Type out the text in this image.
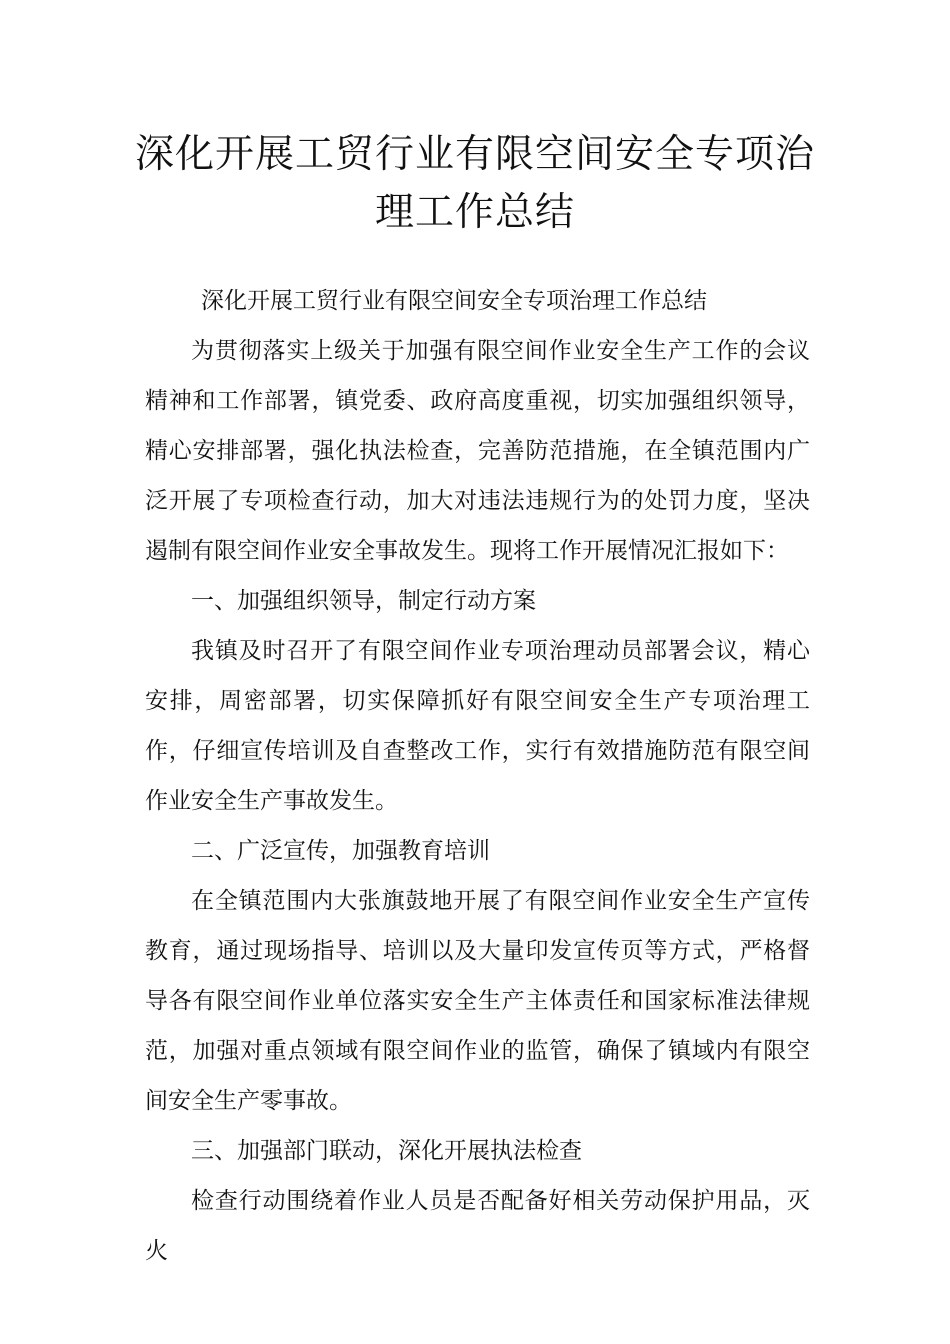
深化开展工贸行业有限空间安全专项治理工作总结

深化开展工贸行业有限空间安全专项治理工作总结

为贯彻落实上级关于加强有限空间作业安全生产工作的会议精神和工作部署，镇党委、政府高度重视，切实加强组织领导，精心安排部署，强化执法检查，完善防范措施，在全镇范围内广泛开展了专项检查行动，加大对违法违规行为的处罚力度，坚决遏制有限空间作业安全事故发生。现将工作开展情况汇报如下：

一、加强组织领导，制定行动方案

我镇及时召开了有限空间作业专项治理动员部署会议，精心安排，周密部署，切实保障抓好有限空间安全生产专项治理工作，仔细宣传培训及自查整改工作，实行有效措施防范有限空间作业安全生产事故发生。

二、广泛宣传，加强教育培训

在全镇范围内大张旗鼓地开展了有限空间作业安全生产宣传教育，通过现场指导、培训以及大量印发宣传页等方式，严格督导各有限空间作业单位落实安全生产主体责任和国家标准法律规范，加强对重点领域有限空间作业的监管，确保了镇域内有限空间安全生产零事故。

三、加强部门联动，深化开展执法检查

检查行动围绕着作业人员是否配备好相关劳动保护用品，灭火
